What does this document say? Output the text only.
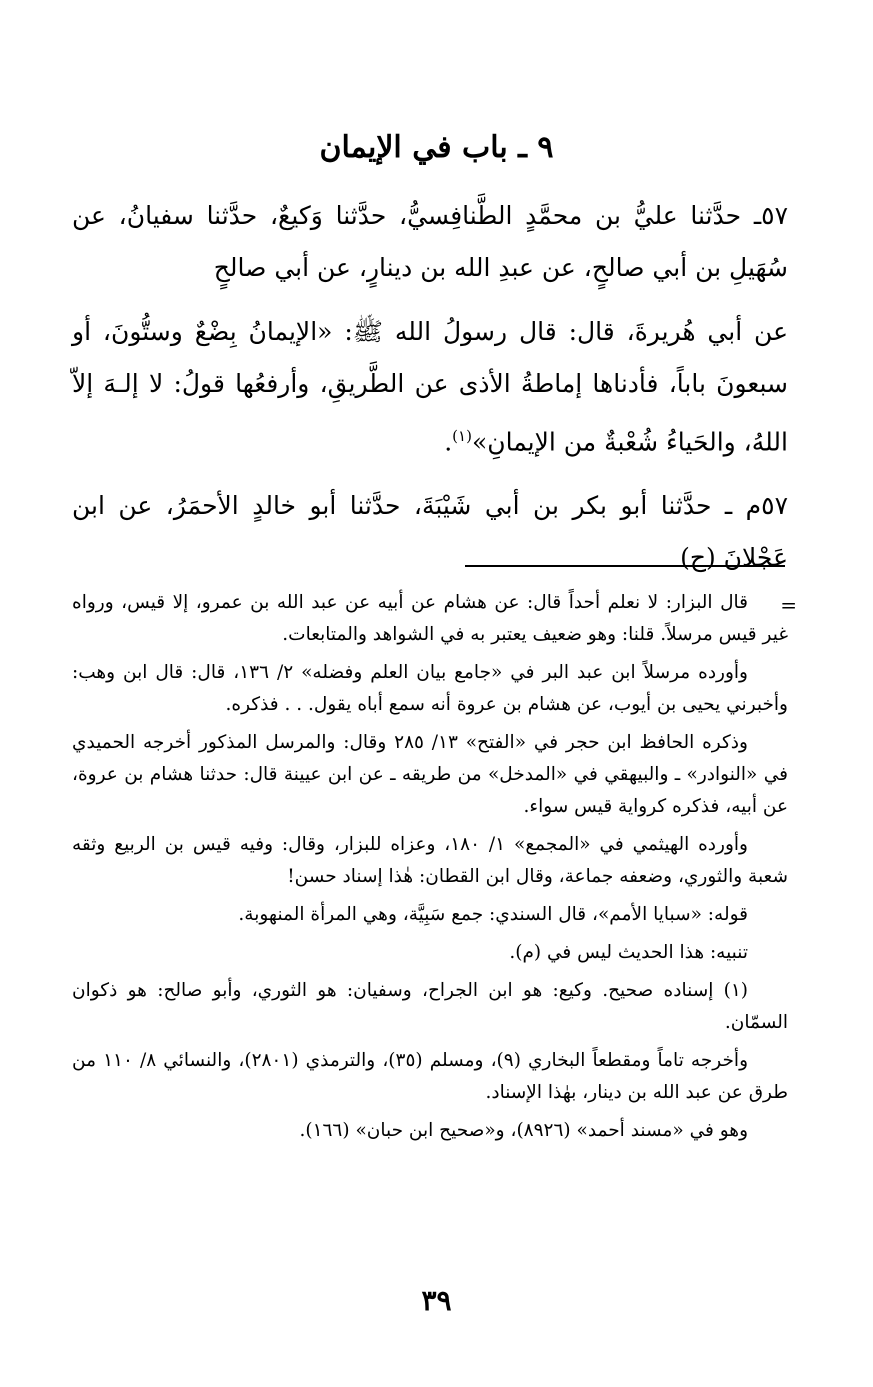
٩ ـ باب في الإيمان

٥٧ـ حدَّثنا عليُّ بن محمَّدٍ الطَّنافِسيُّ، حدَّثنا وَكيعٌ، حدَّثنا سفيانُ، عن سُهَيلِ بن أبي صالحٍ، عن عبدِ الله بن دينارٍ، عن أبي صالحٍ

عن أبي هُريرةَ، قال: قال رسولُ الله ﷺ: «الإيمانُ بِضْعٌ وستُّونَ، أو سبعونَ باباً، فأدناها إماطةُ الأذى عن الطَّريقِ، وأرفعُها قولُ: لا إلـهَ إلاّ اللهُ، والحَياءُ شُعْبةٌ من الإيمانِ»$^{(١)}$.

٥٧م ـ حدَّثنا أبو بكر بن أبي شَيْبَةَ، حدَّثنا أبو خالدٍ الأحمَرُ، عن ابن عَجْلانَ (ح)

=

قال البزار: لا نعلم أحداً قال: عن هشام عن أبيه عن عبد الله بن عمرو، إلا قيس، ورواه غير قيس مرسلاً. قلنا: وهو ضعيف يعتبر به في الشواهد والمتابعات.

وأورده مرسلاً ابن عبد البر في «جامع بيان العلم وفضله» ٢/ ١٣٦، قال: قال ابن وهب: وأخبرني يحيى بن أيوب، عن هشام بن عروة أنه سمع أباه يقول. . . فذكره.

وذكره الحافظ ابن حجر في «الفتح» ١٣/ ٢٨٥ وقال: والمرسل المذكور أخرجه الحميدي في «النوادر» ـ والبيهقي في «المدخل» من طريقه ـ عن ابن عيينة قال: حدثنا هشام بن عروة، عن أبيه، فذكره كرواية قيس سواء.

وأورده الهيثمي في «المجمع» ١/ ١٨٠، وعزاه للبزار، وقال: وفيه قيس بن الربيع وثقه شعبة والثوري، وضعفه جماعة، وقال ابن القطان: هٰذا إسناد حسن!

قوله: «سبايا الأمم»، قال السندي: جمع سَبِيَّة، وهي المرأة المنهوبة.

تنبيه: هذا الحديث ليس في (م).

(١) إسناده صحيح. وكيع: هو ابن الجراح، وسفيان: هو الثوري، وأبو صالح: هو ذكوان السمّان.

وأخرجه تاماً ومقطعاً البخاري (٩)، ومسلم (٣٥)، والترمذي (٢٨٠١)، والنسائي ٨/ ١١٠ من طرق عن عبد الله بن دينار، بهٰذا الإسناد.

وهو في «مسند أحمد» (٨٩٢٦)، و«صحيح ابن حبان» (١٦٦).

٣٩
